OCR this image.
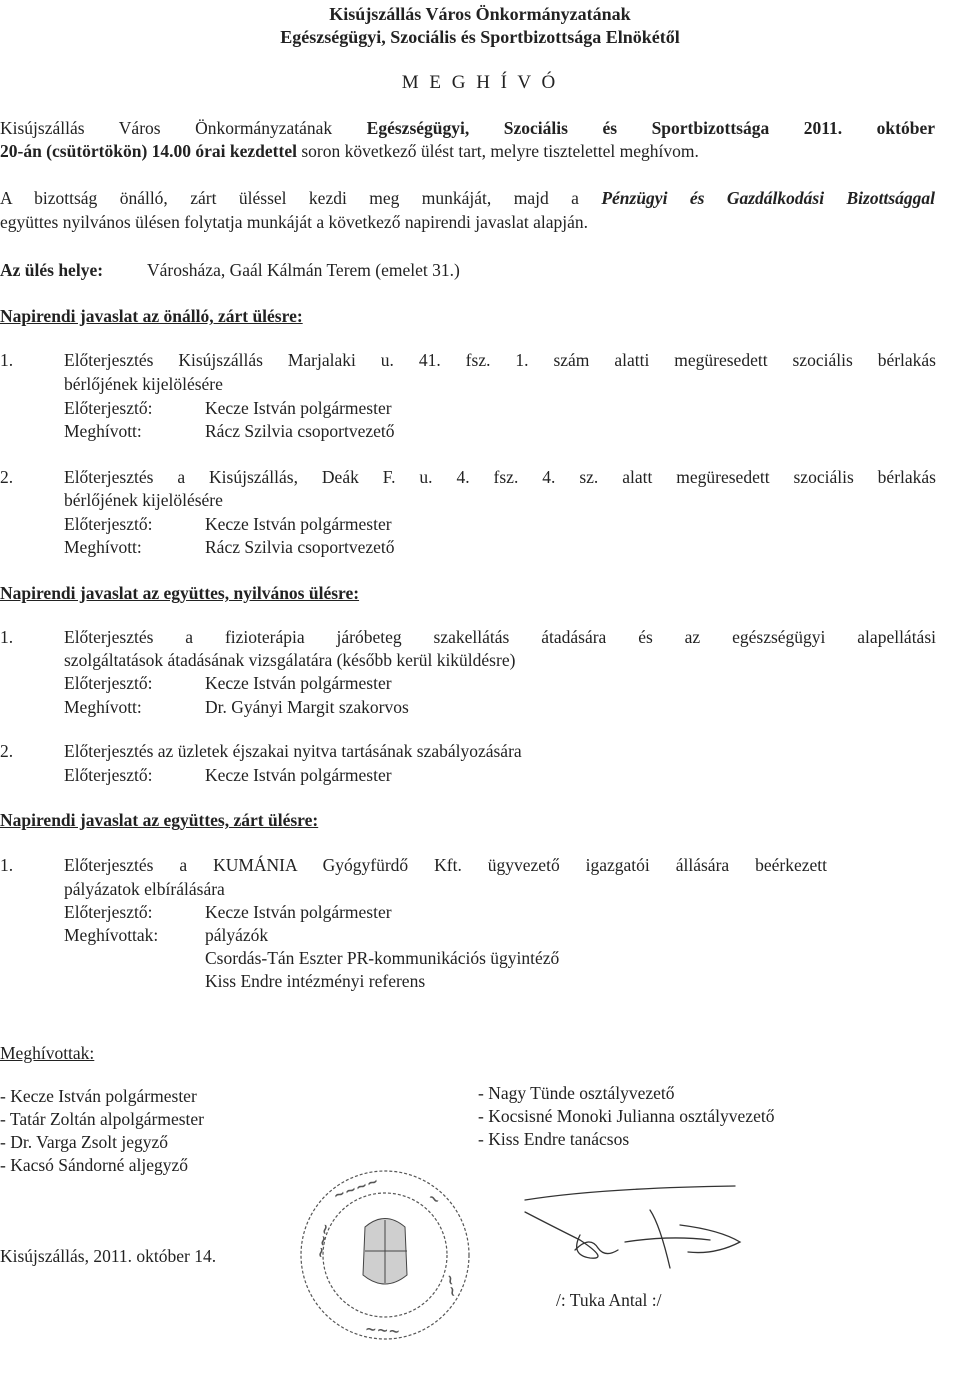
Kisújszállás Város Önkormányzatának
Egészségügyi, Szociális és Sportbizottsága Elnökétől
M E G H Í V Ó
Kisújszállás Város Önkormányzatának Egészségügyi, Szociális és Sportbizottsága 2011. október
20-án (csütörtökön) 14.00 órai kezdettel soron következő ülést tart, melyre tisztelettel meghívom.
A bizottság önálló, zárt üléssel kezdi meg munkáját, majd a Pénzügyi és Gazdálkodási Bizottsággal
együttes nyilvános ülésen folytatja munkáját a következő napirendi javaslat alapján.
Az ülés helye:	Városháza, Gaál Kálmán Terem (emelet 31.)
Napirendi javaslat az önálló, zárt ülésre:
1.	Előterjesztés Kisújszállás Marjalaki u. 41. fsz. 1. szám alatti megüresedett szociális bérlakás
bérlőjének kijelölésére
Előterjesztő:	Kecze István polgármester
Meghívott:	Rácz Szilvia csoportvezető
2.	Előterjesztés a Kisújszállás, Deák F. u. 4. fsz. 4. sz. alatt megüresedett szociális bérlakás
bérlőjének kijelölésére
Előterjesztő:	Kecze István polgármester
Meghívott:	Rácz Szilvia csoportvezető
Napirendi javaslat az együttes, nyilvános ülésre:
1.	Előterjesztés a fizioterápia járóbeteg szakellátás átadására és az egészségügyi alapellátási
szolgáltatások átadásának vizsgálatára (később kerül kiküldésre)
Előterjesztő:	Kecze István polgármester
Meghívott:	Dr. Gyányi Margit szakorvos
2.	Előterjesztés az üzletek éjszakai nyitva tartásának szabályozására
Előterjesztő:	Kecze István polgármester
Napirendi javaslat az együttes, zárt ülésre:
1.	Előterjesztés a KUMÁNIA Gyógyfürdő Kft. ügyvezető igazgatói állására beérkezett
pályázatok elbírálására
Előterjesztő:	Kecze István polgármester
Meghívottak:	pályázók
Csordás-Tán Eszter PR-kommunikációs ügyintéző
Kiss Endre intézményi referens
Meghívottak:
- Kecze István polgármester
- Tatár Zoltán alpolgármester
- Dr. Varga Zsolt jegyző
- Kacsó Sándorné aljegyző
- Nagy Tünde osztályvezető
- Kocsisné Monoki Julianna osztályvezető
- Kiss Endre tanácsos
Kisújszállás, 2011. október 14.
~~~~	~
~~~
~~
~~~
/: Tuka Antal :/
